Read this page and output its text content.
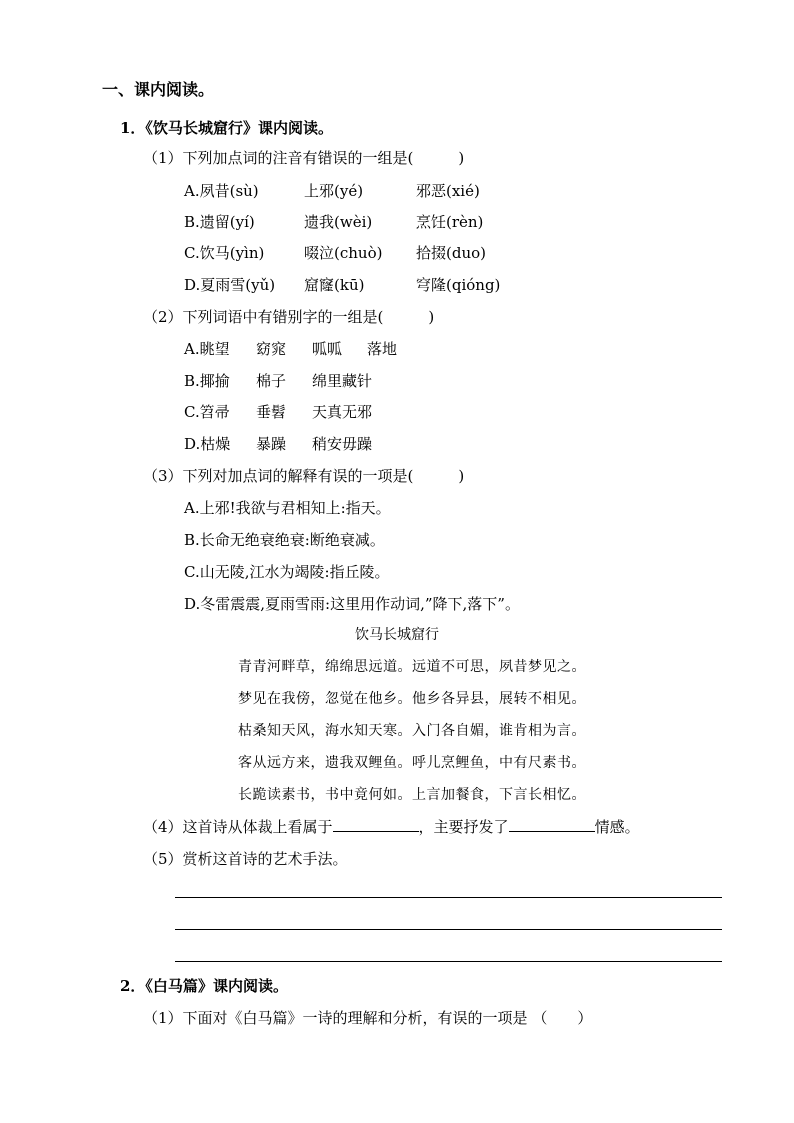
一、课内阅读。
1．《饮马长城窟行》课内阅读。
（1）下列加点词的注音有错误的一组是(　　　)
A.夙昔(sù)	上邪(yé)	邪恶(xié)
B.遗留(yí)	遗我(wèi)	烹饪(rèn)
C.饮马(yìn)	啜泣(chuò) 拾掇(duo)
D.夏雨雪(yǔ) 窟窿(kū)	穹隆(qióng)
（2）下列词语中有错别字的一组是(　　　)
A.眺望 窈窕 呱呱 落地
B.揶揄 棉子 绵里藏针
C.笤帚 垂髫 天真无邪
D.枯燥 暴躁 稍安毋躁
（3）下列对加点词的解释有误的一项是(　　　)
A.上邪!我欲与君相知上:指天。
B.长命无绝衰绝衰:断绝衰减。
C.山无陵,江水为竭陵:指丘陵。
D.冬雷震震,夏雨雪雨:这里用作动词,”降下,落下”。
饮马长城窟行
青青河畔草，绵绵思远道。远道不可思，夙昔梦见之。
梦见在我傍，忽觉在他乡。他乡各异县，展转不相见。
枯桑知天风，海水知天寒。入门各自媚，谁肯相为言。
客从远方来，遗我双鲤鱼。呼儿烹鲤鱼，中有尺素书。
长跪读素书，书中竟何如。上言加餐食，下言长相忆。
（4）这首诗从体裁上看属于	，主要抒发了	情感。
（5）赏析这首诗的艺术手法。
2．《白马篇》课内阅读。
（1）下面对《白马篇》一诗的理解和分析，有误的一项是 （　　）
